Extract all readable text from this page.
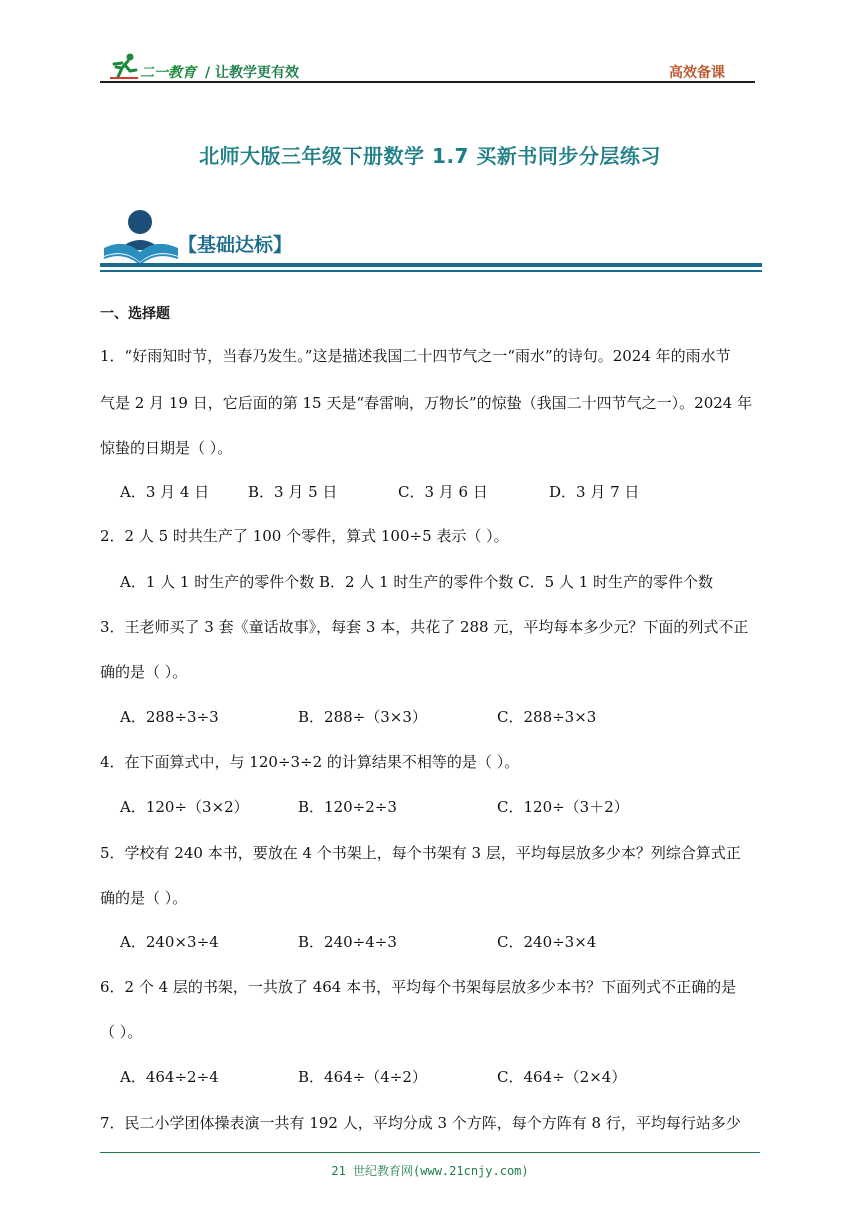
二一教育 / 让教学更有效	高效备课
北师大版三年级下册数学 1.7 买新书同步分层练习
【基础达标】
一、选择题
1．“好雨知时节，当春乃发生。”这是描述我国二十四节气之一“雨水”的诗句。2024 年的雨水节
气是 2 月 19 日，它后面的第 15 天是“春雷响，万物长”的惊蛰（我国二十四节气之一）。2024 年
惊蛰的日期是（ ）。
A．3 月 4 日	B．3 月 5 日	C．3 月 6 日	D．3 月 7 日
2．2 人 5 时共生产了 100 个零件，算式 100÷5 表示（ ）。
A．1 人 1 时生产的零件个数 B．2 人 1 时生产的零件个数 C．5 人 1 时生产的零件个数
3．王老师买了 3 套《童话故事》，每套 3 本，共花了 288 元，平均每本多少元？下面的列式不正
确的是（ ）。
A．288÷3÷3	B．288÷（3×3）	C．288÷3×3
4．在下面算式中，与 120÷3÷2 的计算结果不相等的是（ ）。
A．120÷（3×2）	B．120÷2÷3	C．120÷（3＋2）
5．学校有 240 本书，要放在 4 个书架上，每个书架有 3 层，平均每层放多少本？列综合算式正
确的是（ ）。
A．240×3÷4	B．240÷4÷3	C．240÷3×4
6．2 个 4 层的书架，一共放了 464 本书，平均每个书架每层放多少本书？下面列式不正确的是
（ ）。
A．464÷2÷4	B．464÷（4÷2）	C．464÷（2×4）
7．民二小学团体操表演一共有 192 人，平均分成 3 个方阵，每个方阵有 8 行，平均每行站多少
21 世纪教育网(www.21cnjy.com)
